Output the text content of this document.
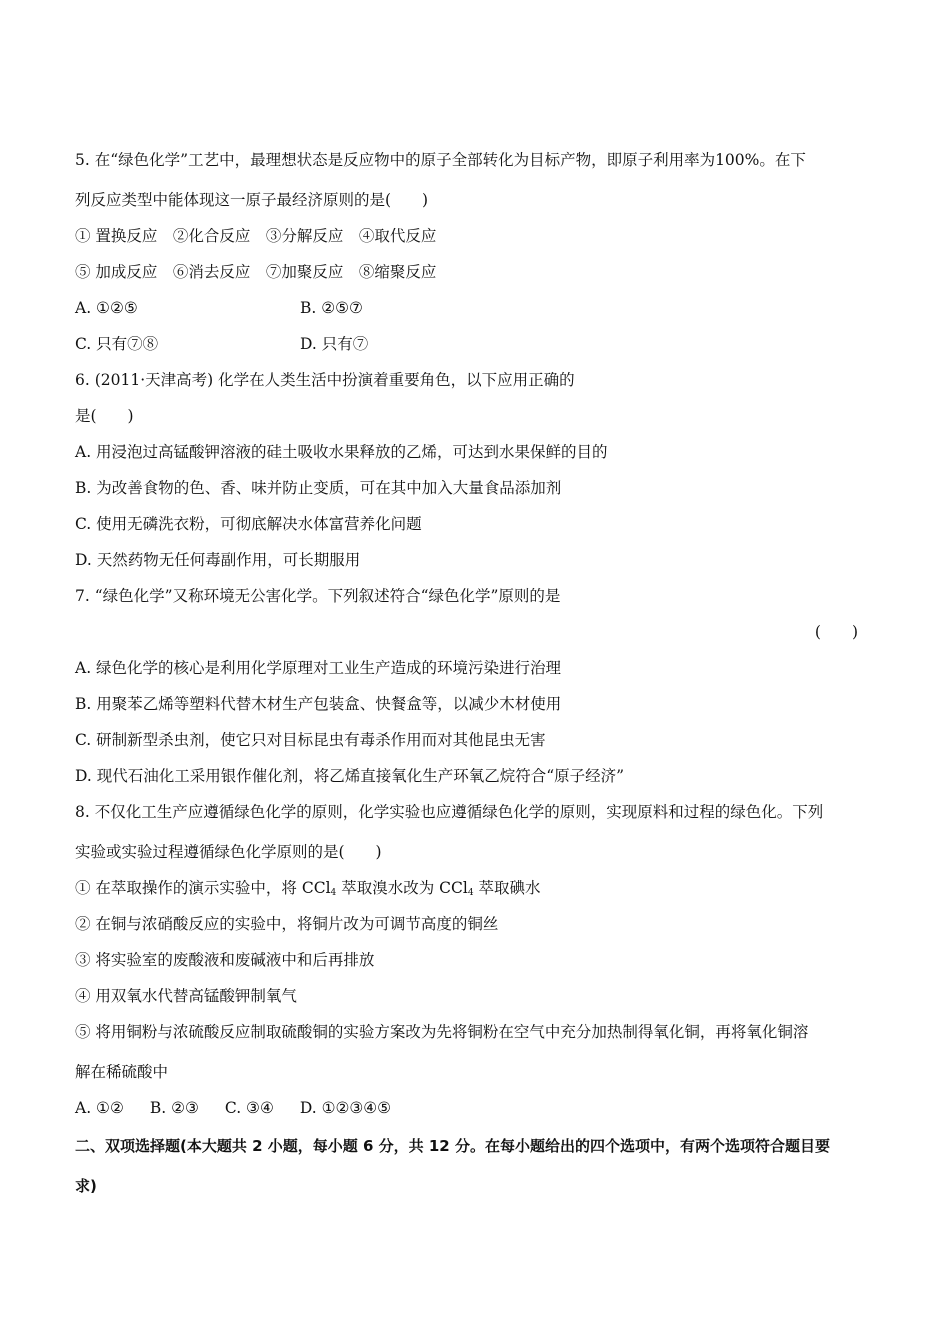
5. 在“绿色化学”工艺中，最理想状态是反应物中的原子全部转化为目标产物，即原子利用率为100%。在下
列反应类型中能体现这一原子最经济原则的是(　　)
① 置换反应　②化合反应　③分解反应　④取代反应
⑤ 加成反应　⑥消去反应　⑦加聚反应　⑧缩聚反应
A. ①②⑤	B. ②⑤⑦
C. 只有⑦⑧	D. 只有⑦
6. (2011·天津高考) 化学在人类生活中扮演着重要角色，以下应用正确的
是(　　)
A. 用浸泡过高锰酸钾溶液的硅土吸收水果释放的乙烯，可达到水果保鲜的目的
B. 为改善食物的色、香、味并防止变质，可在其中加入大量食品添加剂
C. 使用无磷洗衣粉，可彻底解决水体富营养化问题
D. 天然药物无任何毒副作用，可长期服用
7. “绿色化学”又称环境无公害化学。下列叙述符合“绿色化学”原则的是
(　　)
A. 绿色化学的核心是利用化学原理对工业生产造成的环境污染进行治理
B. 用聚苯乙烯等塑料代替木材生产包装盒、快餐盒等，以减少木材使用
C. 研制新型杀虫剂，使它只对目标昆虫有毒杀作用而对其他昆虫无害
D. 现代石油化工采用银作催化剂，将乙烯直接氧化生产环氧乙烷符合“原子经济”
8. 不仅化工生产应遵循绿色化学的原则，化学实验也应遵循绿色化学的原则，实现原料和过程的绿色化。下列
实验或实验过程遵循绿色化学原则的是(　　)
① 在萃取操作的演示实验中，将 CCl$_4$ 萃取溴水改为 CCl$_4$ 萃取碘水
② 在铜与浓硝酸反应的实验中，将铜片改为可调节高度的铜丝
③ 将实验室的废酸液和废碱液中和后再排放
④ 用双氧水代替高锰酸钾制氧气
⑤ 将用铜粉与浓硫酸反应制取硫酸铜的实验方案改为先将铜粉在空气中充分加热制得氧化铜，再将氧化铜溶
解在稀硫酸中
A. ①② B. ②③ C. ③④ D. ①②③④⑤
二、双项选择题(本大题共 2 小题，每小题 6 分，共 12 分。在每小题给出的四个选项中，有两个选项符合题目要
求)
